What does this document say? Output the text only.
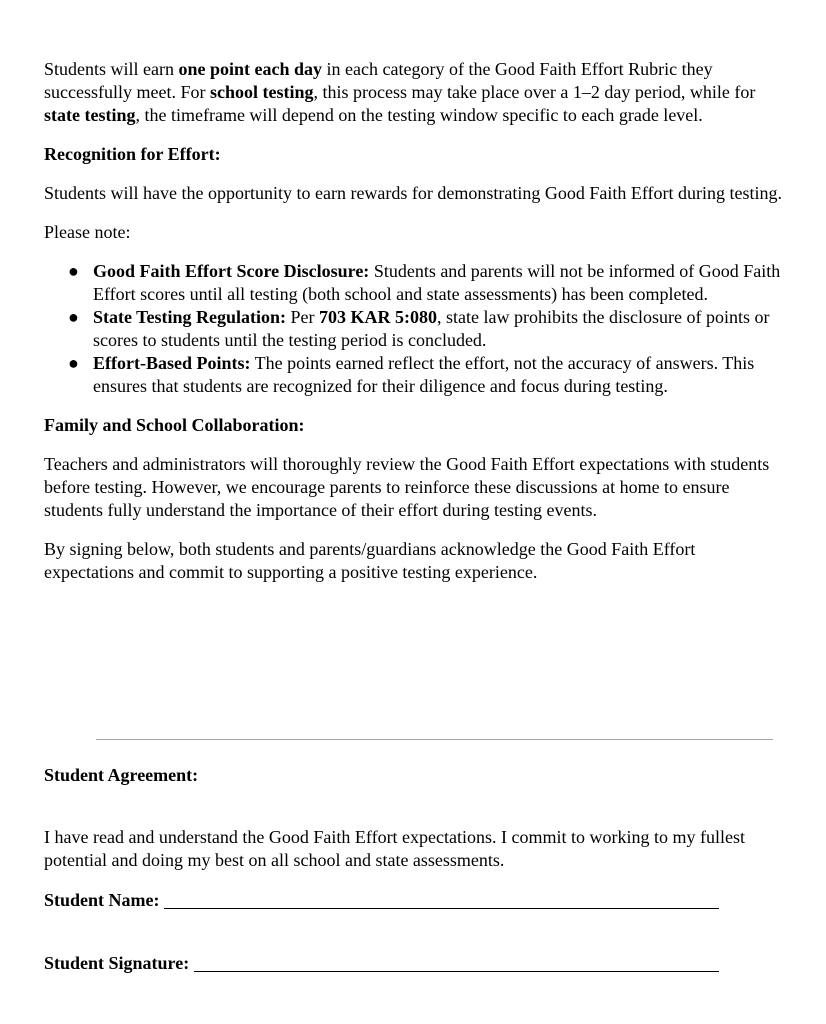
Students will earn one point each day in each category of the Good Faith Effort Rubric they successfully meet. For school testing, this process may take place over a 1–2 day period, while for state testing, the timeframe will depend on the testing window specific to each grade level.

Recognition for Effort:

Students will have the opportunity to earn rewards for demonstrating Good Faith Effort during testing.

Please note:

● Good Faith Effort Score Disclosure: Students and parents will not be informed of Good Faith Effort scores until all testing (both school and state assessments) has been completed.
● State Testing Regulation: Per 703 KAR 5:080, state law prohibits the disclosure of points or scores to students until the testing period is concluded.
● Effort-Based Points: The points earned reflect the effort, not the accuracy of answers. This ensures that students are recognized for their diligence and focus during testing.

Family and School Collaboration:

Teachers and administrators will thoroughly review the Good Faith Effort expectations with students before testing. However, we encourage parents to reinforce these discussions at home to ensure students fully understand the importance of their effort during testing events.

By signing below, both students and parents/guardians acknowledge the Good Faith Effort expectations and commit to supporting a positive testing experience.

Student Agreement:

I have read and understand the Good Faith Effort expectations. I commit to working to my fullest potential and doing my best on all school and state assessments.

Student Name:
Student Signature:
